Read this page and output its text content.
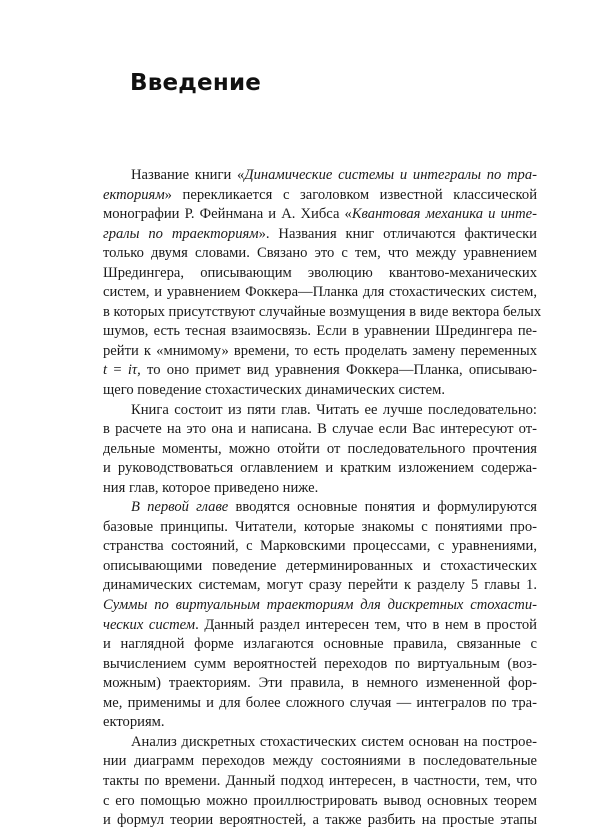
Введение
Название книги «Динамические системы и интегралы по тра-
екториям» перекликается с заголовком известной классической
монографии Р. Фейнмана и А. Хибса «Квантовая механика и инте-
гралы по траекториям». Названия книг отличаются фактически
только двумя словами. Связано это с тем, что между уравнением
Шредингера, описывающим эволюцию квантово-механических
систем, и уравнением Фоккера—Планка для стохастических систем,
в которых присутствуют случайные возмущения в виде вектора белых
шумов, есть тесная взаимосвязь. Если в уравнении Шредингера пе-
рейти к «мнимому» времени, то есть проделать замену переменных
t = iτ, то оно примет вид уравнения Фоккера—Планка, описываю-
щего поведение стохастических динамических систем.
Книга состоит из пяти глав. Читать ее лучше последовательно:
в расчете на это она и написана. В случае если Вас интересуют от-
дельные моменты, можно отойти от последовательного прочтения
и руководствоваться оглавлением и кратким изложением содержа-
ния глав, которое приведено ниже.
В первой главе вводятся основные понятия и формулируются
базовые принципы. Читатели, которые знакомы с понятиями про-
странства состояний, с Марковскими процессами, с уравнениями,
описывающими поведение детерминированных и стохастических
динамических системам, могут сразу перейти к разделу 5 главы 1.
Суммы по виртуальным траекториям для дискретных стохасти-
ческих систем. Данный раздел интересен тем, что в нем в простой
и наглядной форме излагаются основные правила, связанные с
вычислением сумм вероятностей переходов по виртуальным (воз-
можным) траекториям. Эти правила, в немного измененной фор-
ме, применимы и для более сложного случая — интегралов по тра-
екториям.
Анализ дискретных стохастических систем основан на построе-
нии диаграмм переходов между состояниями в последовательные
такты по времени. Данный подход интересен, в частности, тем, что
с его помощью можно проиллюстрировать вывод основных теорем
и формул теории вероятностей, а также разбить на простые этапы
